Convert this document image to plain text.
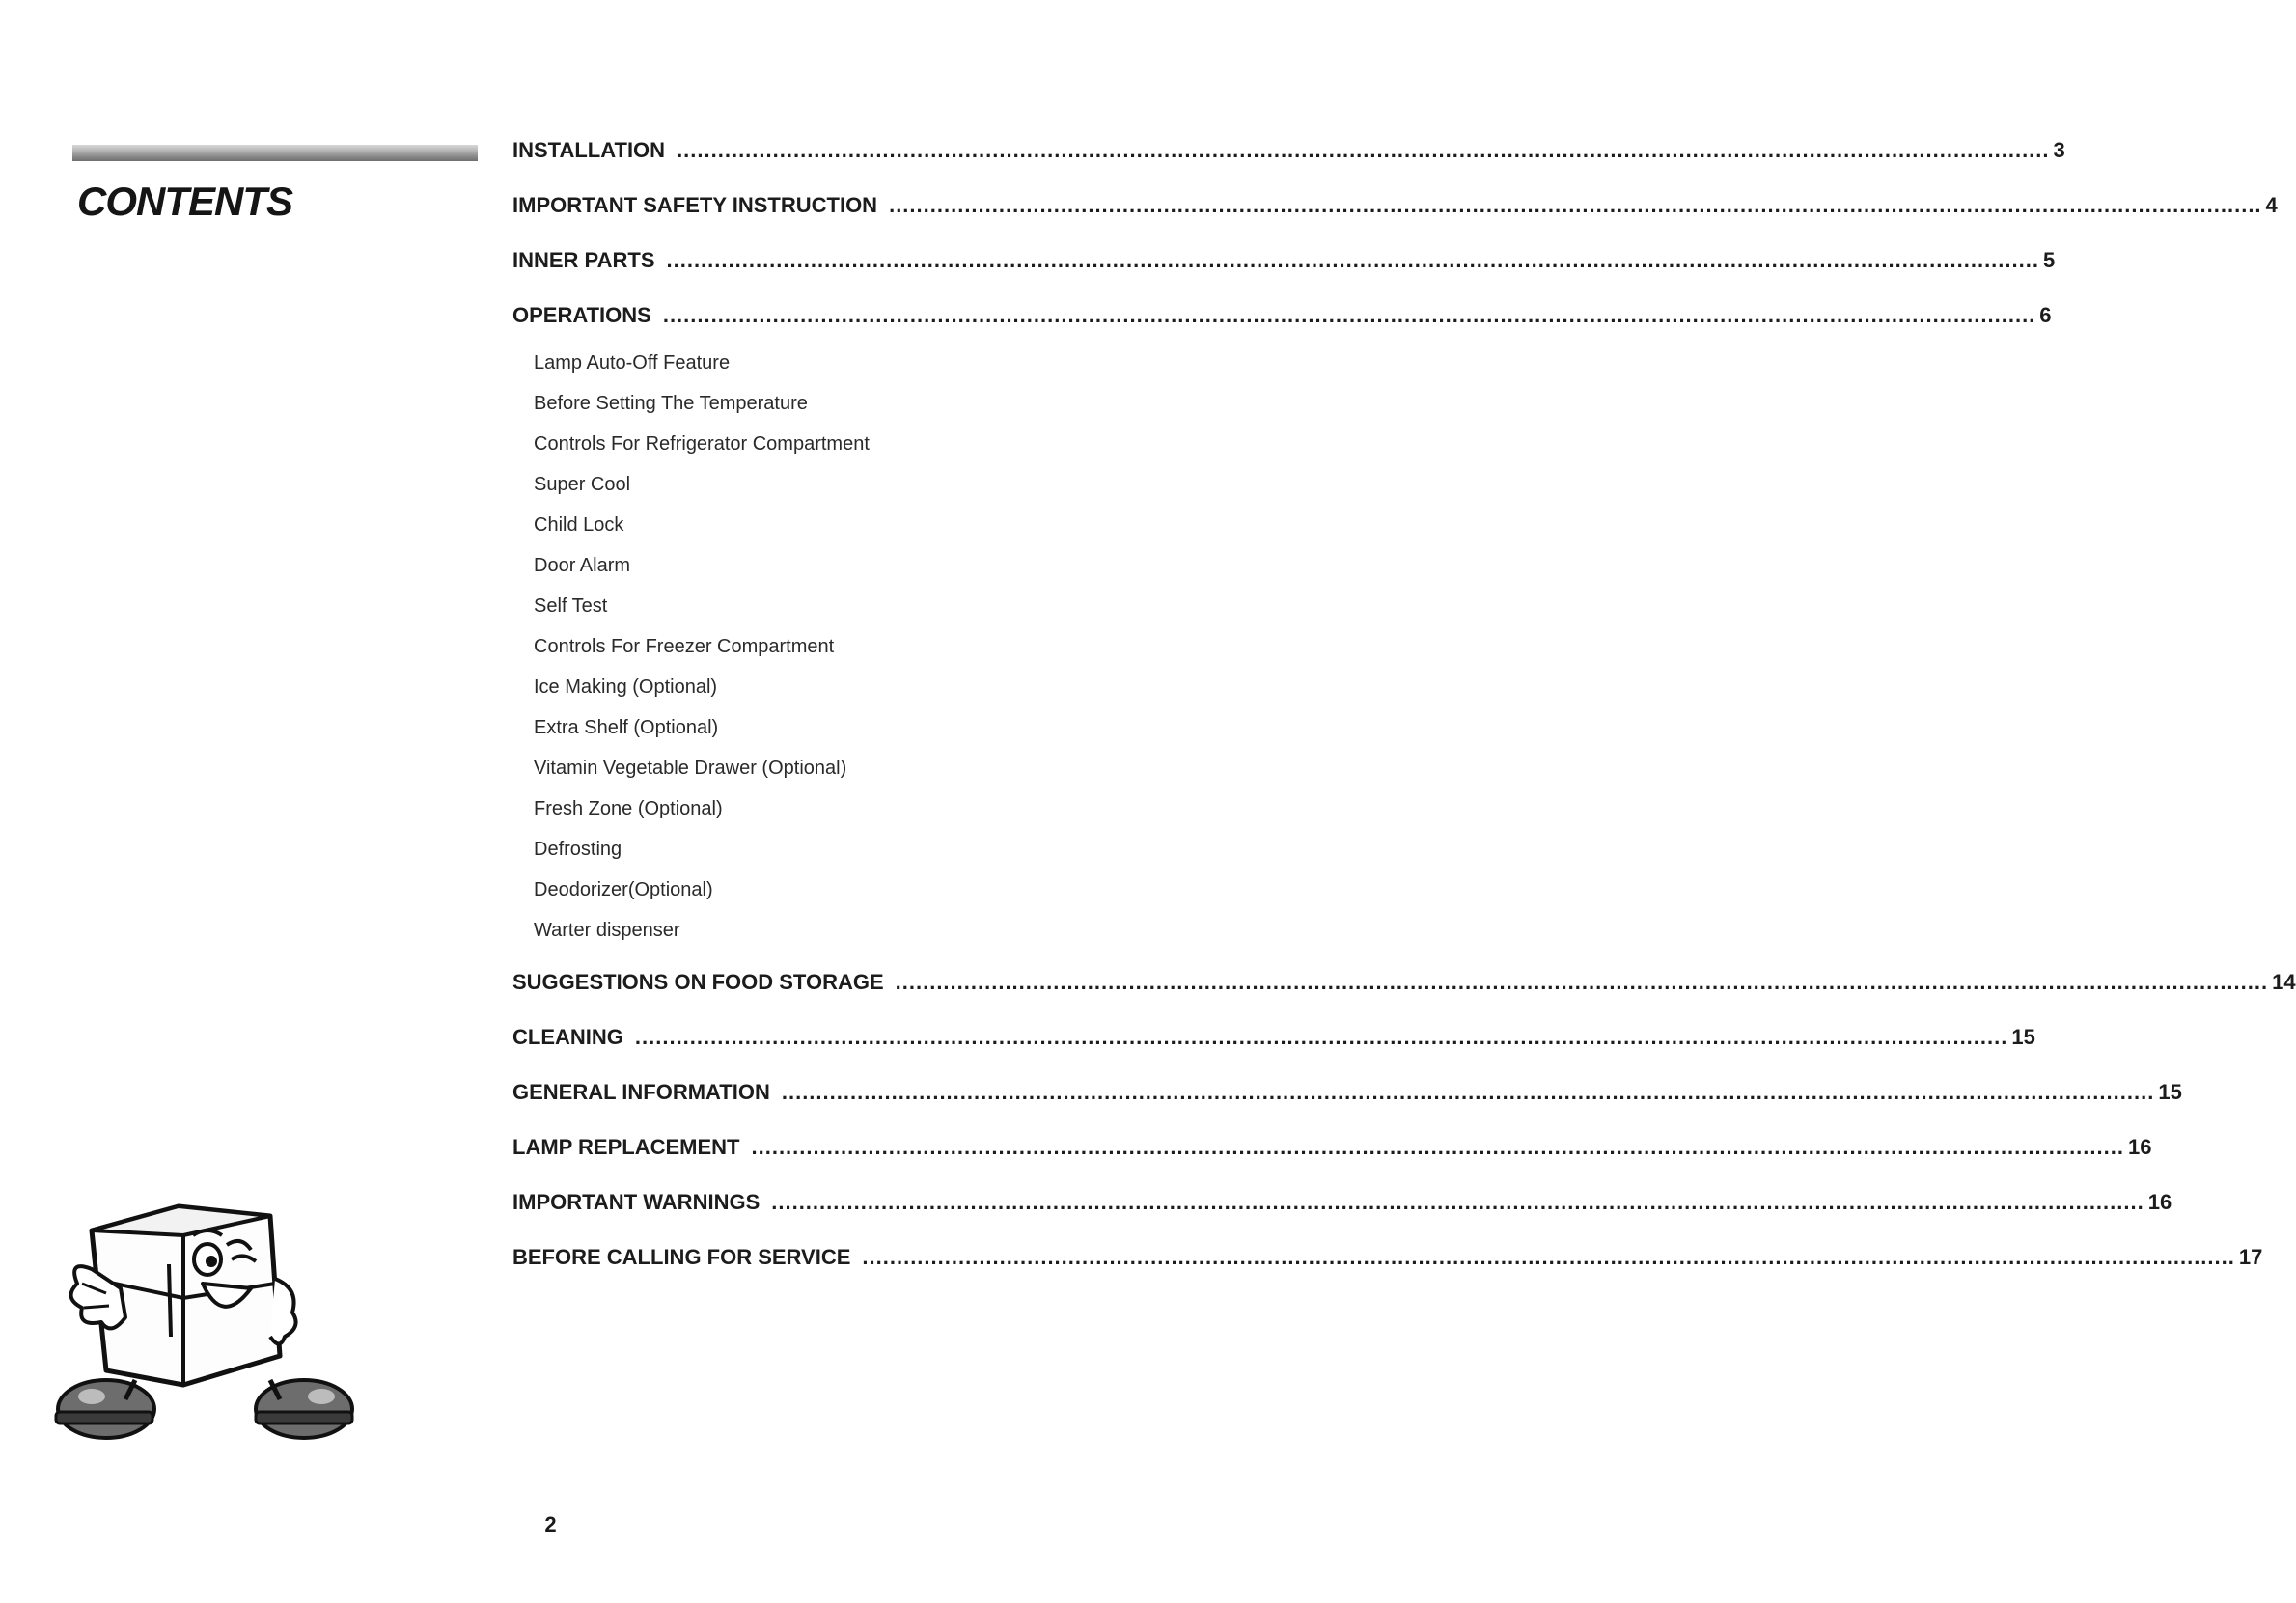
CONTENTS
INSTALLATION ........................................................................................................................................................................................................ 3
IMPORTANT SAFETY INSTRUCTION ........................................................................................................................................................................................................ 4
INNER PARTS ........................................................................................................................................................................................................ 5
OPERATIONS ........................................................................................................................................................................................................ 6
Lamp Auto-Off Feature
Before Setting The Temperature
Controls For Refrigerator Compartment
Super Cool
Child Lock
Door Alarm
Self Test
Controls For Freezer Compartment
Ice Making (Optional)
Extra Shelf (Optional)
Vitamin Vegetable Drawer (Optional)
Fresh Zone (Optional)
Defrosting
Deodorizer(Optional)
Warter dispenser
SUGGESTIONS ON FOOD STORAGE ........................................................................................................................................................................................................ 14
CLEANING ........................................................................................................................................................................................................ 15
GENERAL INFORMATION ........................................................................................................................................................................................................ 15
LAMP REPLACEMENT ........................................................................................................................................................................................................ 16
IMPORTANT WARNINGS ........................................................................................................................................................................................................ 16
BEFORE CALLING FOR SERVICE ........................................................................................................................................................................................................ 17
2
